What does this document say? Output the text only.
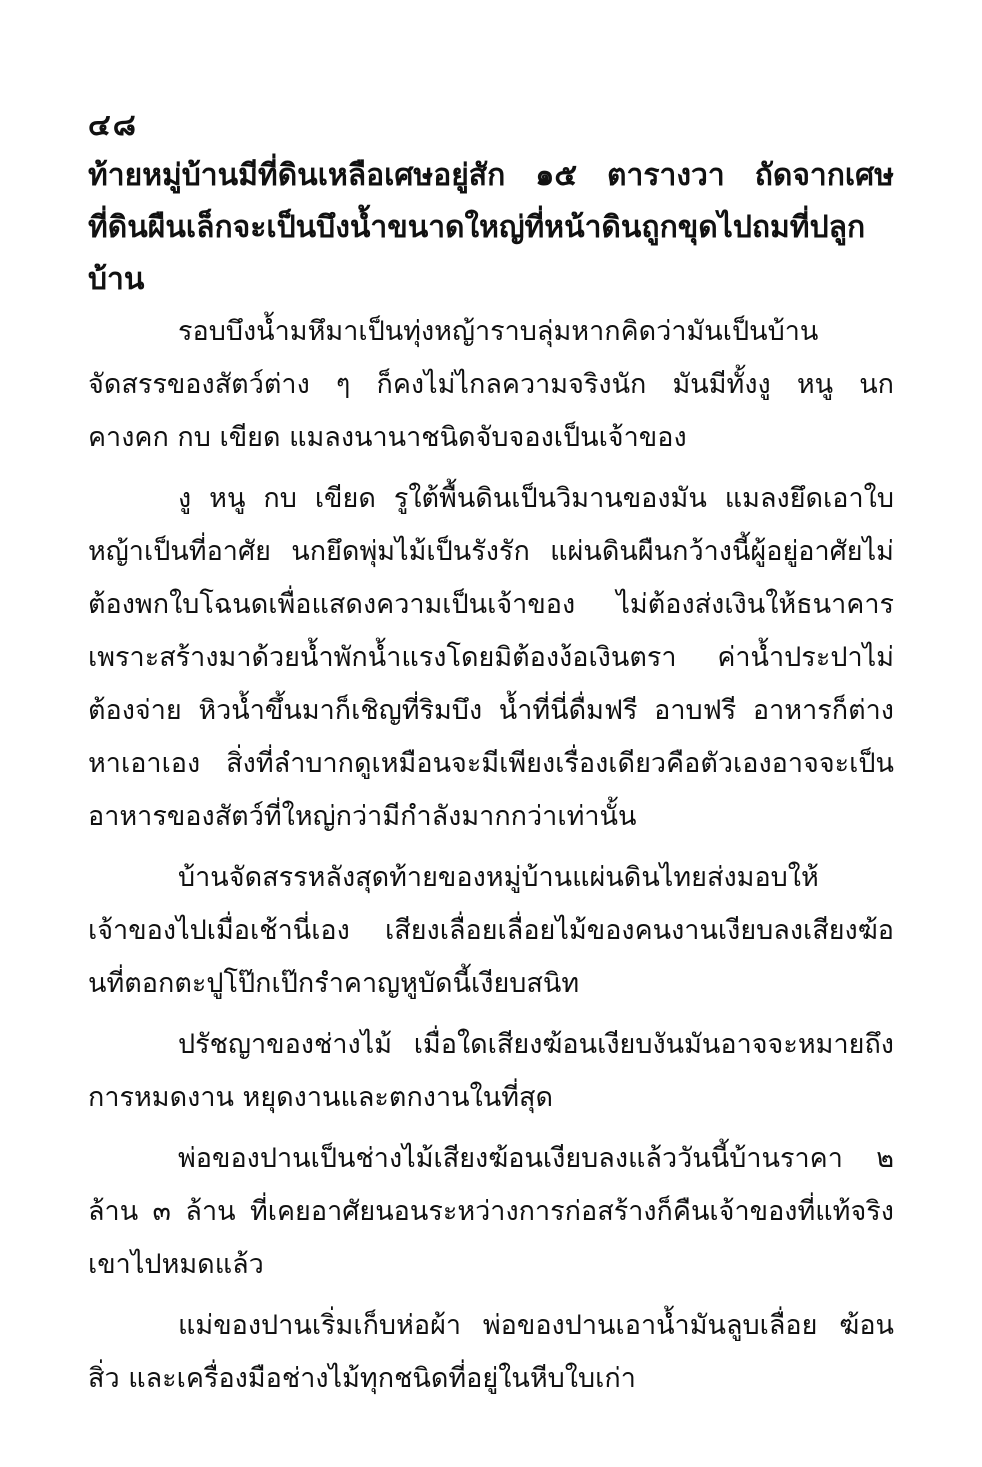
๔๘
ท้ายหมู่บ้านมีที่ดินเหลือเศษอยู่สัก ๑๕ ตารางวา ถัดจากเศษที่ดินผืนเล็กจะเป็นบึงน้ำขนาดใหญ่ที่หน้าดินถูกขุดไปถมที่ปลูกบ้าน

รอบบึงน้ำมหึมาเป็นทุ่งหญ้าราบลุ่มหากคิดว่ามันเป็นบ้านจัดสรรของสัตว์ต่าง ๆ ก็คงไม่ไกลความจริงนัก มันมีทั้งงู หนู นก คางคก กบ เขียด แมลงนานาชนิดจับจองเป็นเจ้าของ

งู หนู กบ เขียด รูใต้พื้นดินเป็นวิมานของมัน แมลงยึดเอาใบหญ้าเป็นที่อาศัย นกยึดพุ่มไม้เป็นรังรัก แผ่นดินผืนกว้างนี้ผู้อยู่อาศัยไม่ต้องพกใบโฉนดเพื่อแสดงความเป็นเจ้าของ ไม่ต้องส่งเงินให้ธนาคารเพราะสร้างมาด้วยน้ำพักน้ำแรงโดยมิต้องง้อเงินตรา ค่าน้ำประปาไม่ต้องจ่าย หิวน้ำขึ้นมาก็เชิญที่ริมบึง น้ำที่นี่ดื่มฟรี อาบฟรี อาหารก็ต่างหาเอาเอง สิ่งที่ลำบากดูเหมือนจะมีเพียงเรื่องเดียวคือตัวเองอาจจะเป็นอาหารของสัตว์ที่ใหญ่กว่ามีกำลังมากกว่าเท่านั้น

บ้านจัดสรรหลังสุดท้ายของหมู่บ้านแผ่นดินไทยส่งมอบให้เจ้าของไปเมื่อเช้านี่เอง เสียงเลื่อยเลื่อยไม้ของคนงานเงียบลงเสียงฆ้อนที่ตอกตะปูโป๊กเป๊กรำคาญหูบัดนี้เงียบสนิท

ปรัชญาของช่างไม้ เมื่อใดเสียงฆ้อนเงียบงันมันอาจจะหมายถึงการหมดงาน หยุดงานและตกงานในที่สุด

พ่อของปานเป็นช่างไม้เสียงฆ้อนเงียบลงแล้ววันนี้บ้านราคา ๒ ล้าน ๓ ล้าน ที่เคยอาศัยนอนระหว่างการก่อสร้างก็คืนเจ้าของที่แท้จริงเขาไปหมดแล้ว

แม่ของปานเริ่มเก็บห่อผ้า พ่อของปานเอาน้ำมันลูบเลื่อย ฆ้อน สิ่ว และเครื่องมือช่างไม้ทุกชนิดที่อยู่ในหีบใบเก่า
